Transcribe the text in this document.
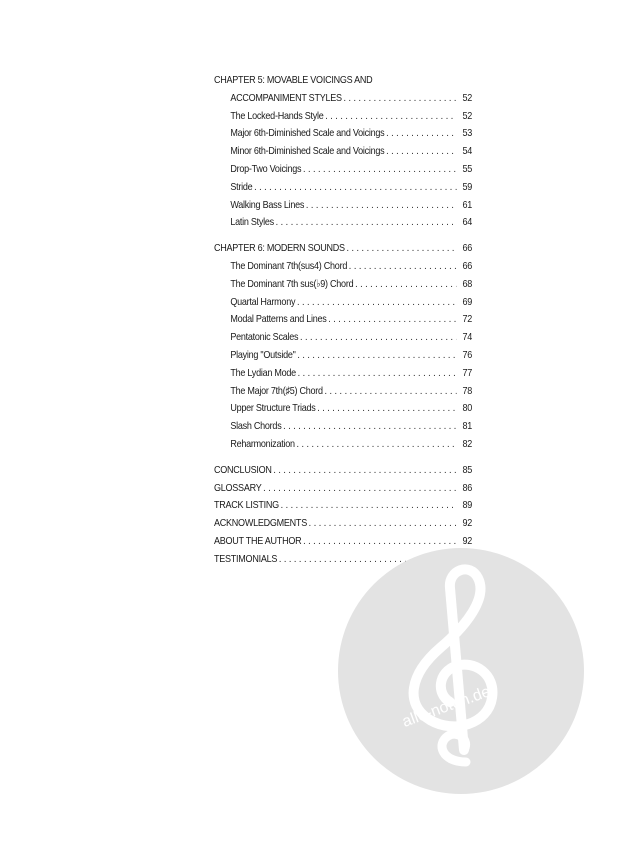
CHAPTER 5: MOVABLE VOICINGS AND
ACCOMPANIMENT STYLES . . .	52
The Locked-Hands Style . . .	52
Major 6th-Diminished Scale and Voicings . . .	53
Minor 6th-Diminished Scale and Voicings . . .	54
Drop-Two Voicings . . .	55
Stride . . .	59
Walking Bass Lines . . .	61
Latin Styles . . .	64
CHAPTER 6: MODERN SOUNDS . . .	66
The Dominant 7th(sus4) Chord . . .	66
The Dominant 7th sus(♭9) Chord . . .	68
Quartal Harmony . . .	69
Modal Patterns and Lines . . .	72
Pentatonic Scales . . .	74
Playing "Outside" . . .	76
The Lydian Mode . . .	77
The Major 7th(♯5) Chord . . .	78
Upper Structure Triads . . .	80
Slash Chords . . .	81
Reharmonization . . .	82
CONCLUSION . . .	85
GLOSSARY . . .	86
TRACK LISTING . . .	89
ACKNOWLEDGMENTS . . .	92
ABOUT THE AUTHOR . . .	92
TESTIMONIALS
. . .
alle-noten.de
